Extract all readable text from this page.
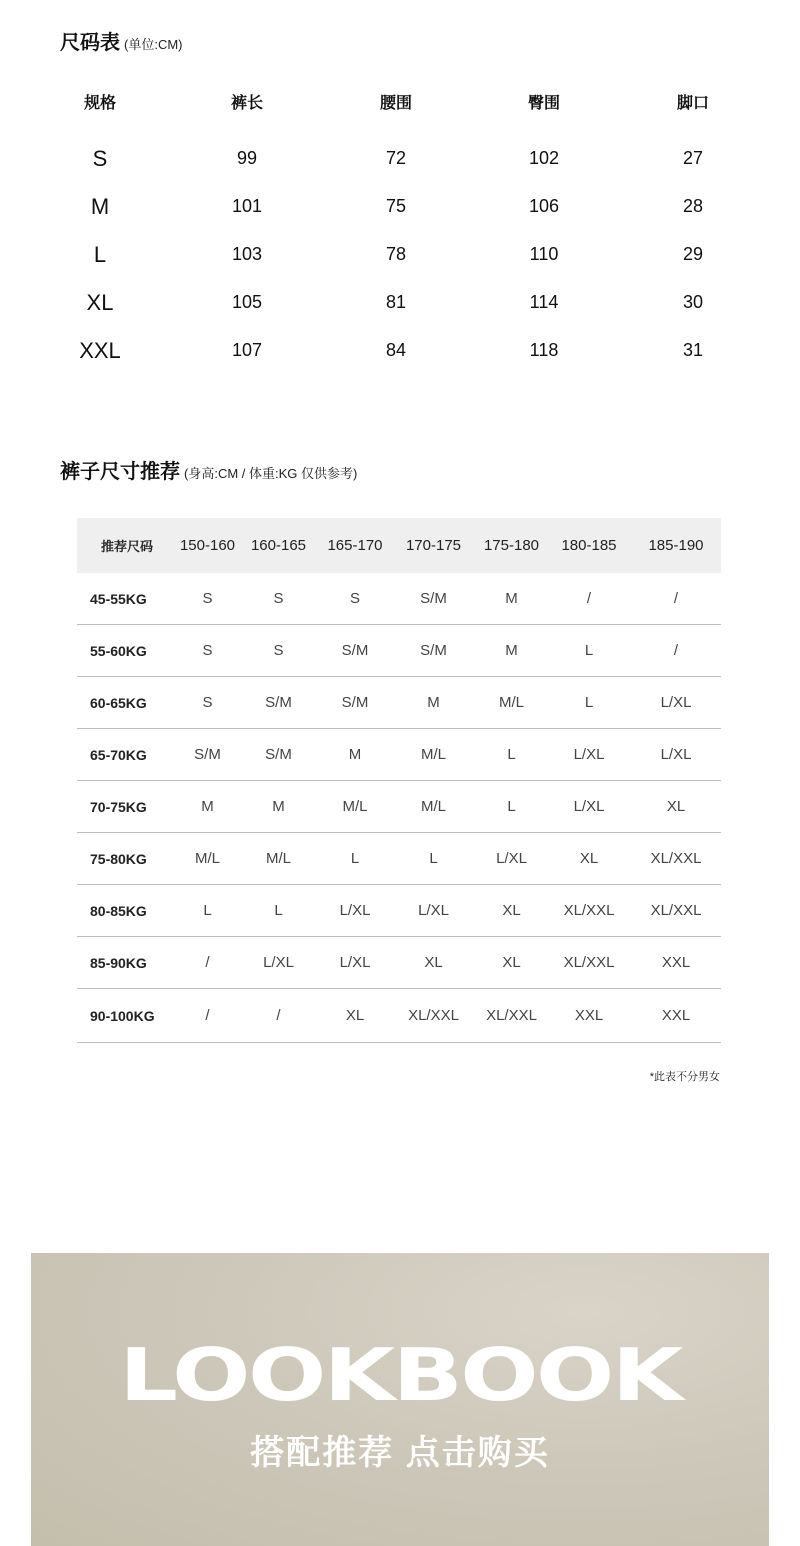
尺码表 (单位:CM)
规格	裤长	腰围	臀围	脚口
S	99	72	102	27
M	101	75	106	28
L	103	78	110	29
XL	105	81	114	30
XXL	107	84	118	31
裤子尺寸推荐 (身高:CM / 体重:KG 仅供参考)
推荐尺码	150-160	160-165	165-170	170-175	175-180	180-185	185-190
45-55KG	S	S	S	S/M	M	/	/
55-60KG	S	S	S/M	S/M	M	L	/
60-65KG	S	S/M	S/M	M	M/L	L	L/XL
65-70KG	S/M	S/M	M	M/L	L	L/XL	L/XL
70-75KG	M	M	M/L	M/L	L	L/XL	XL
75-80KG	M/L	M/L	L	L	L/XL	XL	XL/XXL
80-85KG	L	L	L/XL	L/XL	XL	XL/XXL	XL/XXL
85-90KG	/	L/XL	L/XL	XL	XL	XL/XXL	XXL
90-100KG	/	/	XL	XL/XXL	XL/XXL	XXL	XXL
*此表不分男女
LOOKBOOK
搭配推荐 点击购买
